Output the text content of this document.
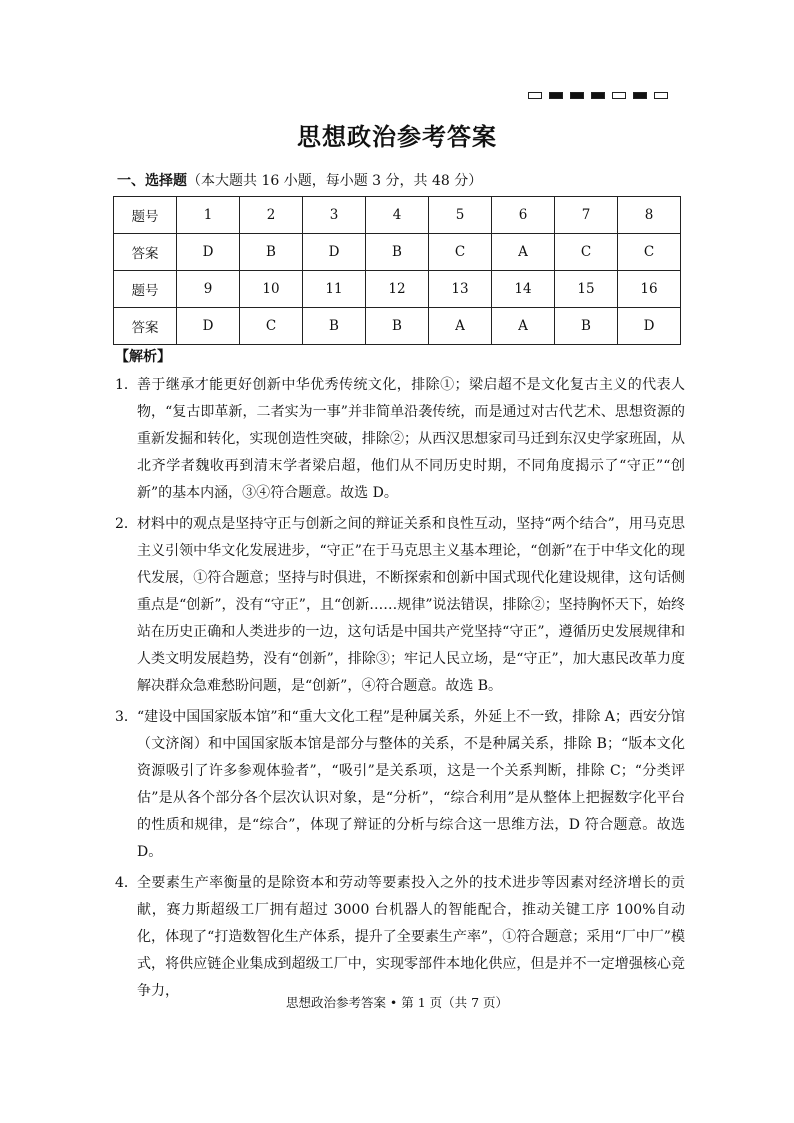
思想政治参考答案
一、选择题（本大题共 16 小题，每小题 3 分，共 48 分）
题号	1	2	3	4	5	6	7	8
答案	D	B	D	B	C	A	C	C
题号	9	10	11	12	13	14	15	16
答案	D	C	B	B	A	A	B	D
【解析】
1． 善于继承才能更好创新中华优秀传统文化，排除①；梁启超不是文化复古主义的代表人物，“复古即革新，二者实为一事”并非简单沿袭传统，而是通过对古代艺术、思想资源的重新发掘和转化，实现创造性突破，排除②；从西汉思想家司马迁到东汉史学家班固，从北齐学者魏收再到清末学者梁启超，他们从不同历史时期，不同角度揭示了“守正”“创新”的基本内涵，③④符合题意。故选 D。
2． 材料中的观点是坚持守正与创新之间的辩证关系和良性互动，坚持“两个结合”，用马克思主义引领中华文化发展进步，“守正”在于马克思主义基本理论，“创新”在于中华文化的现代发展，①符合题意；坚持与时俱进，不断探索和创新中国式现代化建设规律，这句话侧重点是“创新”，没有“守正”，且“创新……规律”说法错误，排除②；坚持胸怀天下，始终站在历史正确和人类进步的一边，这句话是中国共产党坚持“守正”，遵循历史发展规律和人类文明发展趋势，没有“创新”，排除③；牢记人民立场，是“守正”，加大惠民改革力度解决群众急难愁盼问题，是“创新”，④符合题意。故选 B。
3． “建设中国国家版本馆”和“重大文化工程”是种属关系，外延上不一致，排除 A；西安分馆（文济阁）和中国国家版本馆是部分与整体的关系，不是种属关系，排除 B；“版本文化资源吸引了许多参观体验者”，“吸引”是关系项，这是一个关系判断，排除 C；“分类评估”是从各个部分各个层次认识对象，是“分析”，“综合利用”是从整体上把握数字化平台的性质和规律，是“综合”，体现了辩证的分析与综合这一思维方法，D 符合题意。故选 D。
4． 全要素生产率衡量的是除资本和劳动等要素投入之外的技术进步等因素对经济增长的贡献，赛力斯超级工厂拥有超过 3000 台机器人的智能配合，推动关键工序 100%自动化，体现了“打造数智化生产体系，提升了全要素生产率”，①符合题意；采用“厂中厂”模式，将供应链企业集成到超级工厂中，实现零部件本地化供应，但是并不一定增强核心竞争力，
思想政治参考答案 • 第 1 页（共 7 页）
